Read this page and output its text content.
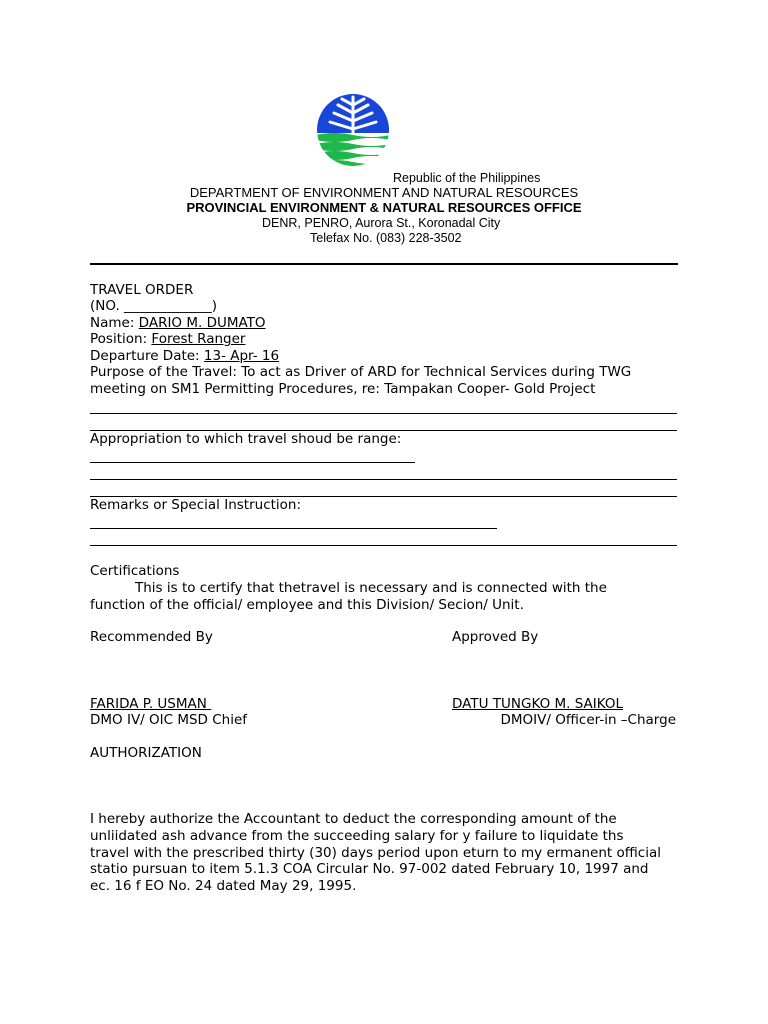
Republic of the Philippines
DEPARTMENT OF ENVIRONMENT AND NATURAL RESOURCES
PROVINCIAL ENVIRONMENT & NATURAL RESOURCES OFFICE
DENR, PENRO, Aurora St., Koronadal City
Telefax No. (083) 228-3502
TRAVEL ORDER
(NO. _____________)
Name: DARIO M. DUMATO
Position: Forest Ranger
Departure Date: 13- Apr- 16
Purpose of the Travel: To act as Driver of ARD for Technical Services during TWG
meeting on SM1 Permitting Procedures, re: Tampakan Cooper- Gold Project
Appropriation to which travel shoud be range:
Remarks or Special Instruction:
Certifications
This is to certify that thetravel is necessary and is connected with the
function of the official/ employee and this Division/ Secion/ Unit.
Recommended By	Approved By
FARIDA P. USMAN	DATU TUNGKO M. SAIKOL
DMO IV/ OIC MSD Chief	DMOIV/ Officer-in –Charge
AUTHORIZATION
I hereby authorize the Accountant to deduct the corresponding amount of the
unliidated ash advance from the succeeding salary for y failure to liquidate ths
travel with the prescribed thirty (30) days period upon eturn to my ermanent official
statio pursuan to item 5.1.3 COA Circular No. 97-002 dated February 10, 1997 and
ec. 16 f EO No. 24 dated May 29, 1995.
